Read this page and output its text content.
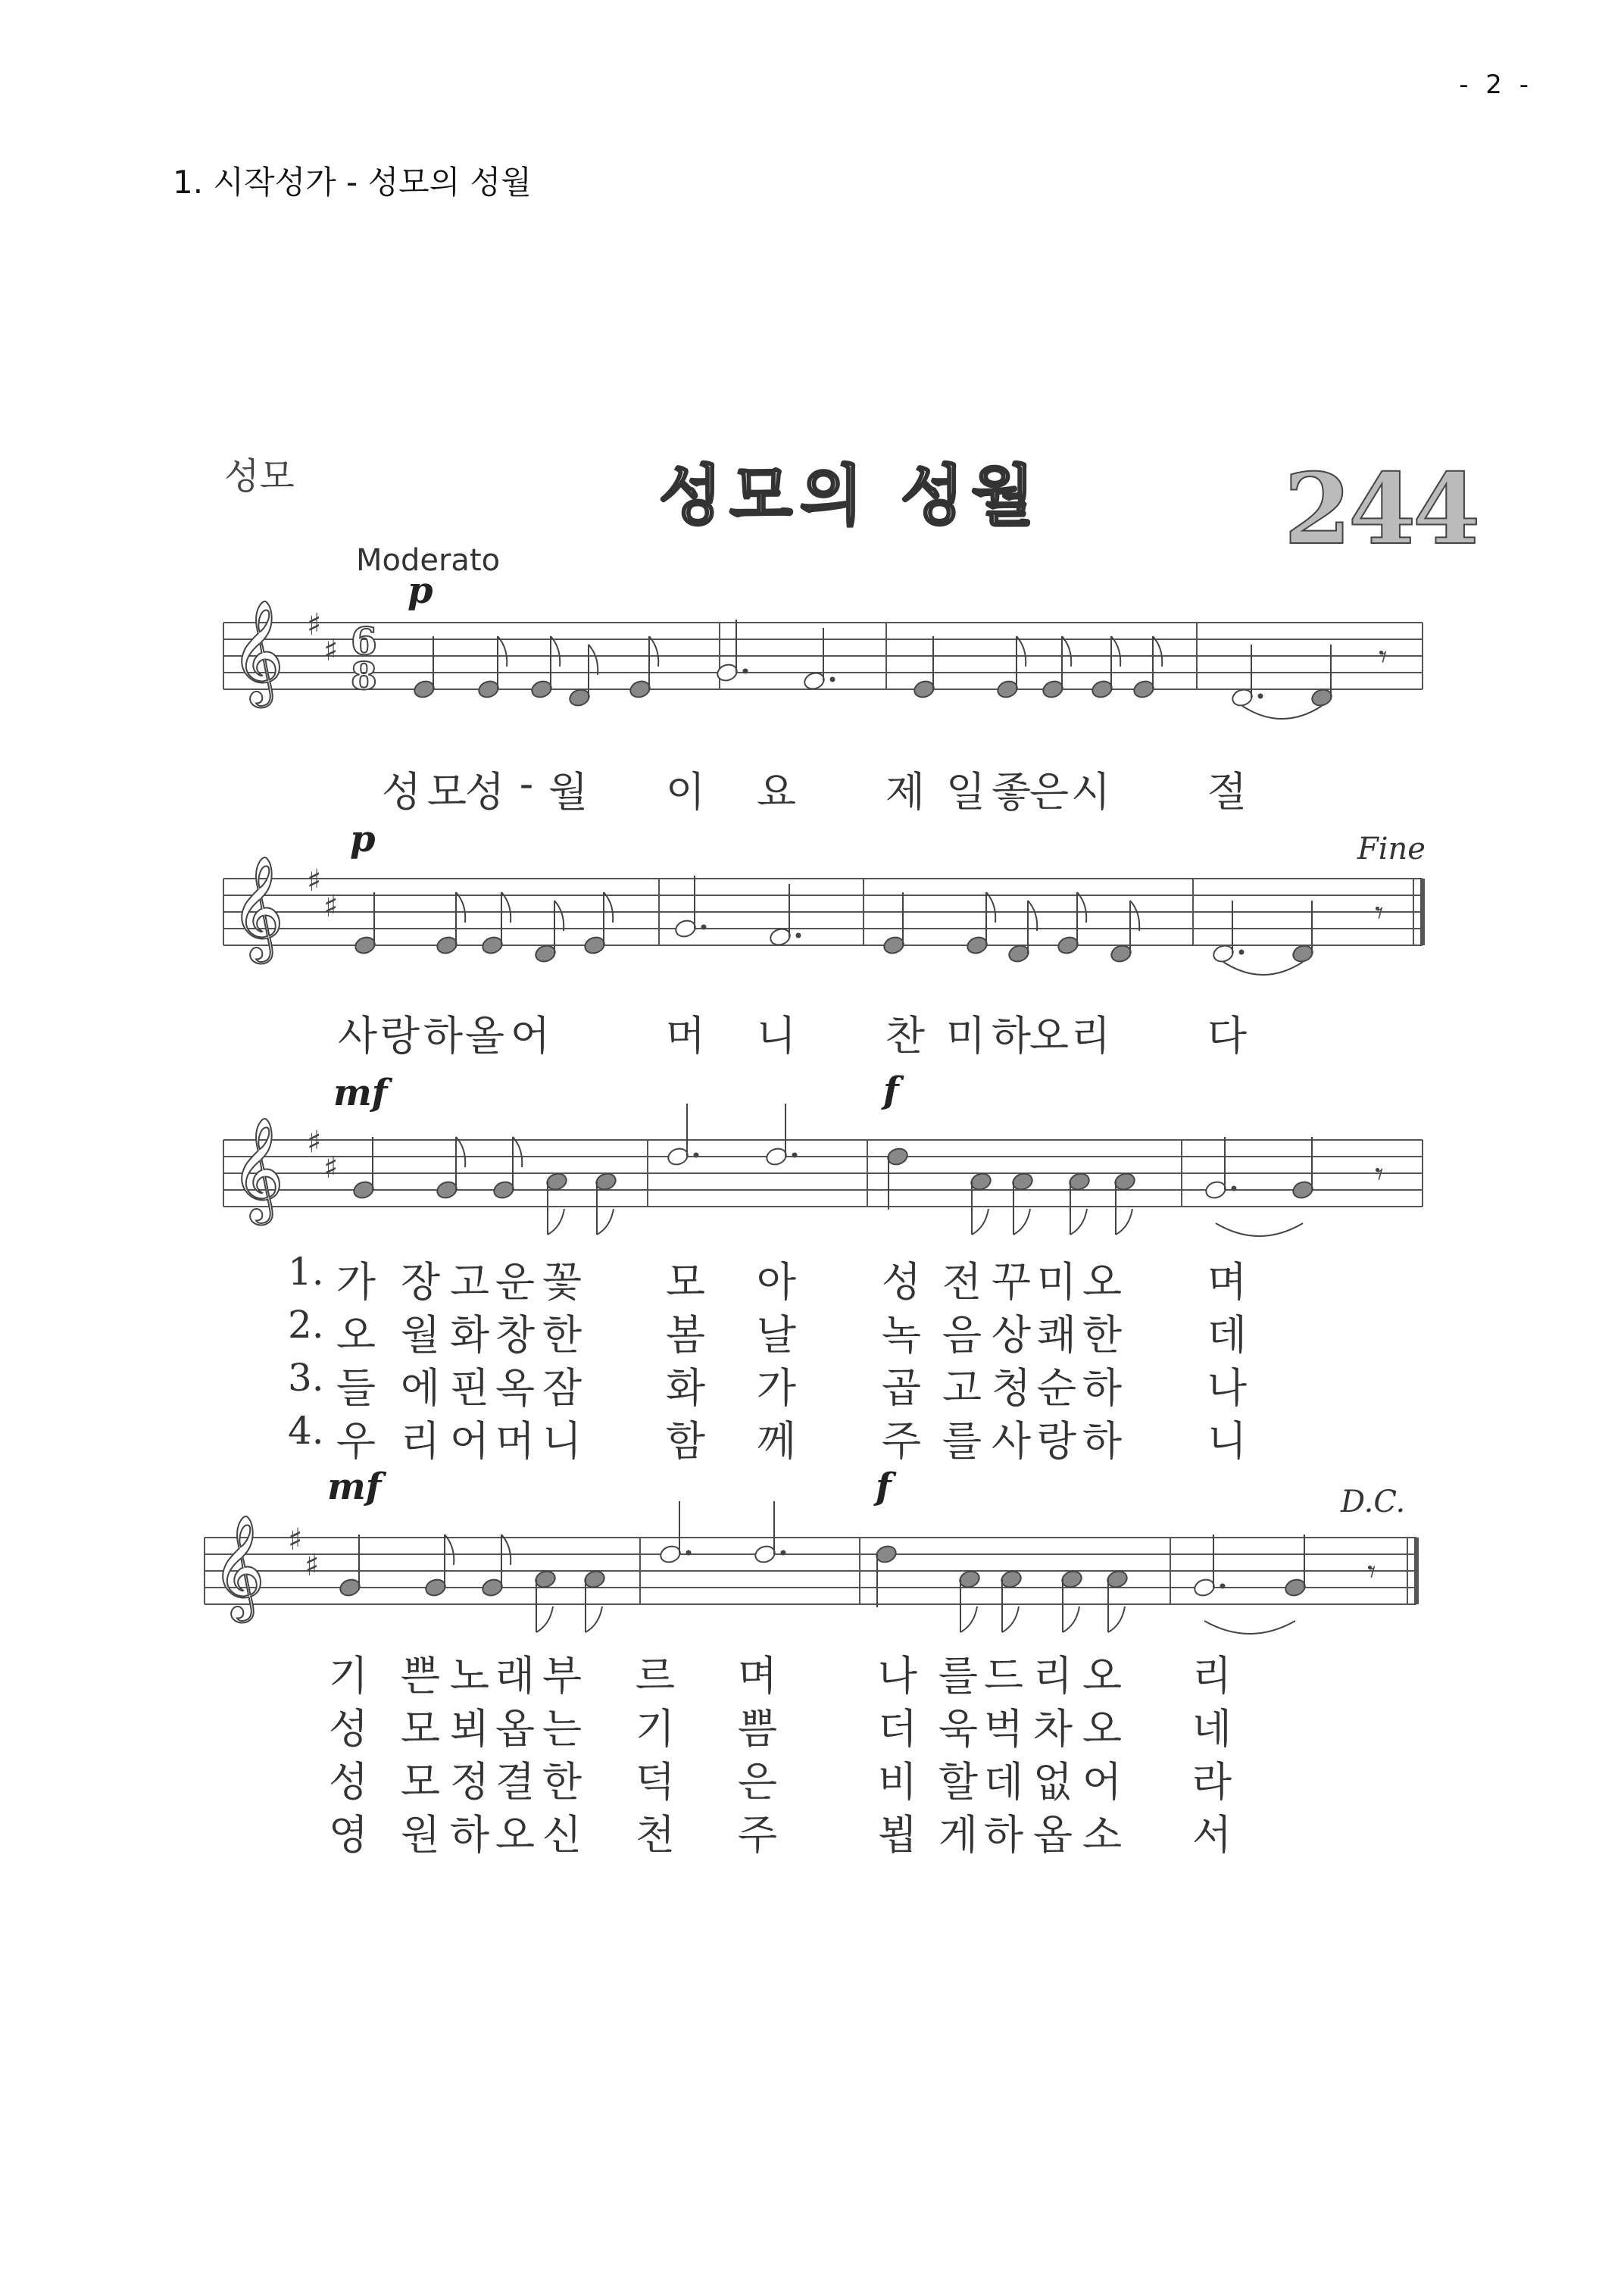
- 2 -
1. 시작성가 - 성모의 성월
성모	성모의 성월 244
Moderato
p
p	Fine
mf	f
mf	f	D.C.
𝄞 ♯
♯ 6
8	𝄾
𝄞 ♯
♯	𝄾
𝄞 ♯
♯	𝄾
𝄞 ♯
♯	𝄾
성 모
성 - 월 이 요 제 일 좋
은 시 절
사 랑 하 올 어	머 니 찬 미 하
오 리 다
1. 가 장 고 운 꽃 모 아 성 전 꾸 미 오 며
2. 오 월 화 창 한 봄 날 녹 음 상 쾌 한 데
3. 들 에 핀 옥 잠 화 가 곱 고 청 순 하 나
4. 우 리 어 머 니 함 께 주 를 사 랑 하 니
기 쁜 노 래 부 르 며 나 를 드 리 오 리
성 모 뵈 옵 는 기 쁨 더 욱 벅 차 오 네
성 모 정 결 한 덕 은 비 할 데 없 어 라
영 원 하 오 신 천 주 뵙 게 하 옵 소 서
